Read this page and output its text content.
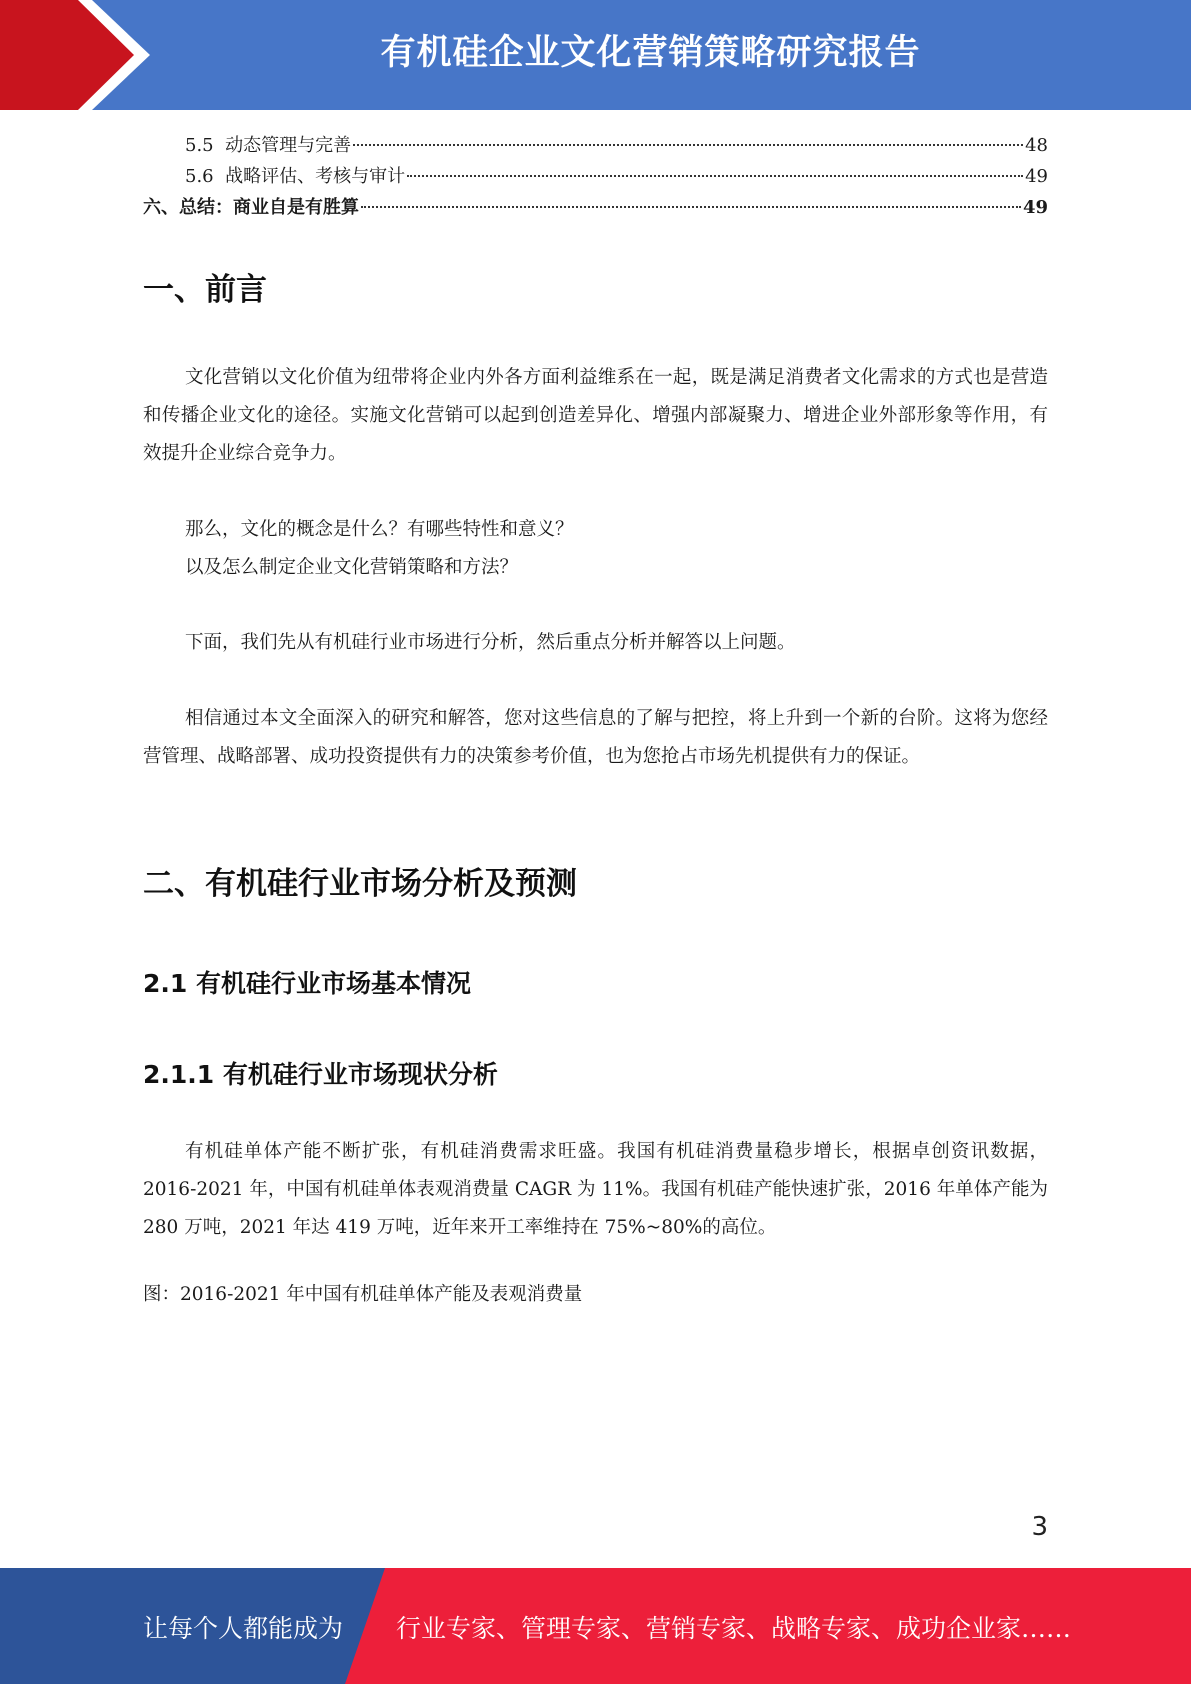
有机硅企业文化营销策略研究报告
5.5 动态管理与完善	48
5.6 战略评估、考核与审计	49
六、总结：商业自是有胜算	49
一、前言

文化营销以文化价值为纽带将企业内外各方面利益维系在一起，既是满足消费者文化需求的方式也是营造和传播企业文化的途径。实施文化营销可以起到创造差异化、增强内部凝聚力、增进企业外部形象等作用，有效提升企业综合竞争力。

那么，文化的概念是什么？有哪些特性和意义？

以及怎么制定企业文化营销策略和方法？

下面，我们先从有机硅行业市场进行分析，然后重点分析并解答以上问题。

相信通过本文全面深入的研究和解答，您对这些信息的了解与把控，将上升到一个新的台阶。这将为您经营管理、战略部署、成功投资提供有力的决策参考价值，也为您抢占市场先机提供有力的保证。

二、有机硅行业市场分析及预测
2.1 有机硅行业市场基本情况
2.1.1 有机硅行业市场现状分析

有机硅单体产能不断扩张，有机硅消费需求旺盛。我国有机硅消费量稳步增长，根据卓创资讯数据，2016-2021 年，中国有机硅单体表观消费量 CAGR 为 11%。我国有机硅产能快速扩张，2016 年单体产能为 280 万吨，2021 年达 419 万吨，近年来开工率维持在 75%~80%的高位。

图：2016-2021 年中国有机硅单体产能及表观消费量

3
让每个人都能成为 行业专家、管理专家、营销专家、战略专家、成功企业家……
